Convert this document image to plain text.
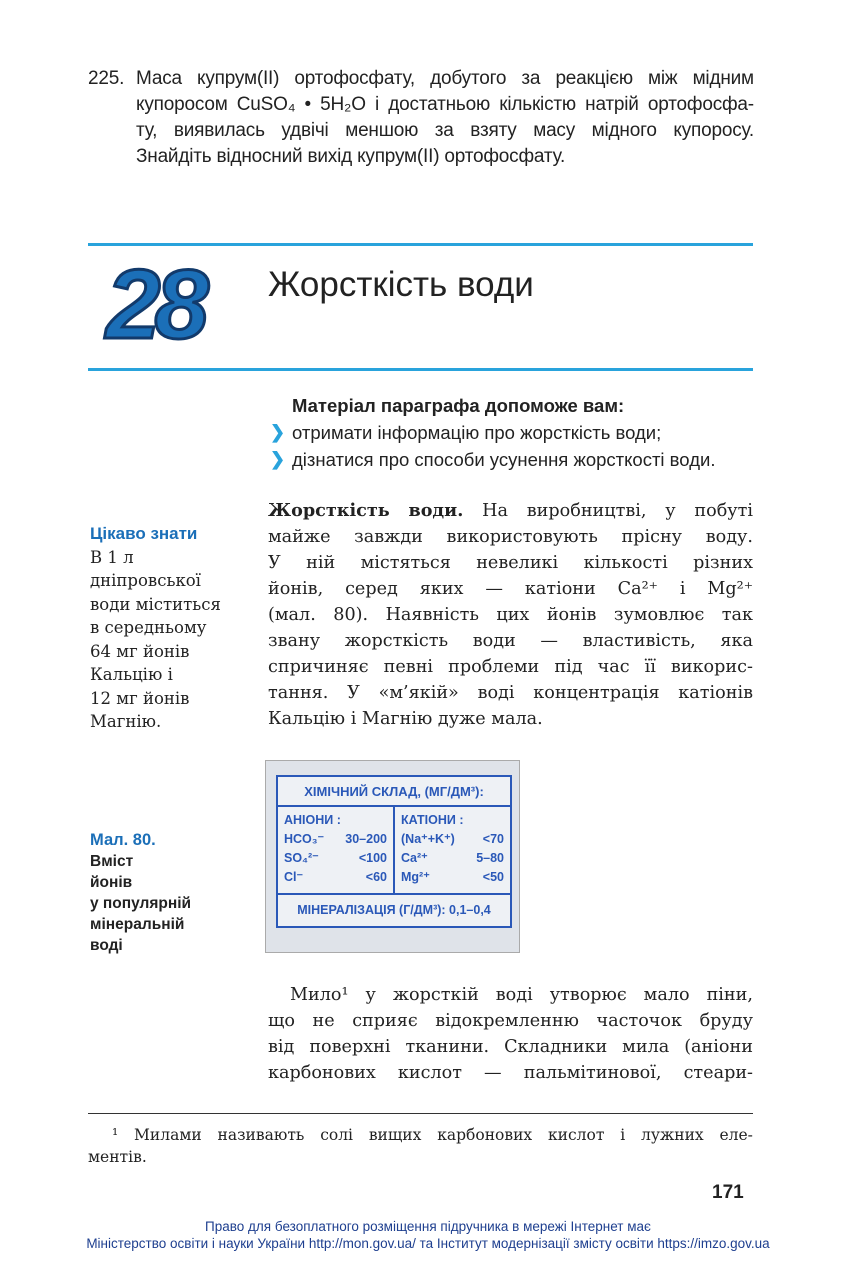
225. Маса купрум(ІІ) ортофосфату, добутого за реакцією між мідним
купоросом CuSO₄ • 5H₂O і достатньою кількістю натрій ортофосфа-
ту, виявилась удвічі меншою за взяту масу мідного купоросу.
Знайдіть відносний вихід купрум(ІІ) ортофосфату.
28 Жорсткість води
Матеріал параграфа допоможе вам:
❯ отримати інформацію про жорсткість води;
❯ дізнатися про способи усунення жорсткості води.
Жорсткість води. На виробництві, у побуті
майже завжди використовують прісну воду.
У ній містяться невеликі кількості різних
йонів, серед яких — катіони Ca²⁺ і Mg²⁺
(мал. 80). Наявність цих йонів зумовлює так
звану жорсткість води — властивість, яка
спричиняє певні проблеми під час її викорис-
тання. У «м’якій» воді концентрація катіонів
Кальцію і Магнію дуже мала.
Цікаво знати
В 1 л
дніпровської
води міститься
в середньому
64 мг йонів
Кальцію і
12 мг йонів
Магнію.
Мал. 80.
Вміст
йонів
у популярній
мінеральній
воді
ХІМІЧНИЙ СКЛАД, (МГ/ДМ³):
АНІОНИ :
HCO₃⁻ 30–200
SO₄²⁻	<100
Cl⁻	<60
КАТІОНИ :
(Na⁺+K⁺) <70
Ca²⁺	5–80
Mg²⁺	<50
МІНЕРАЛІЗАЦІЯ (Г/ДМ³): 0,1–0,4
Мило¹ у жорсткій воді утворює мало піни,
що не сприяє відокремленню часточок бруду
від поверхні тканини. Складники мила (аніони
карбонових кислот — пальмітинової, стеари-
¹ Милами називають солі вищих карбонових кислот і лужних еле-
ментів.
171
Право для безоплатного розміщення підручника в мережі Інтернет має
Міністерство освіти і науки України http://mon.gov.ua/ та Інститут модернізації змісту освіти https://imzo.gov.ua
